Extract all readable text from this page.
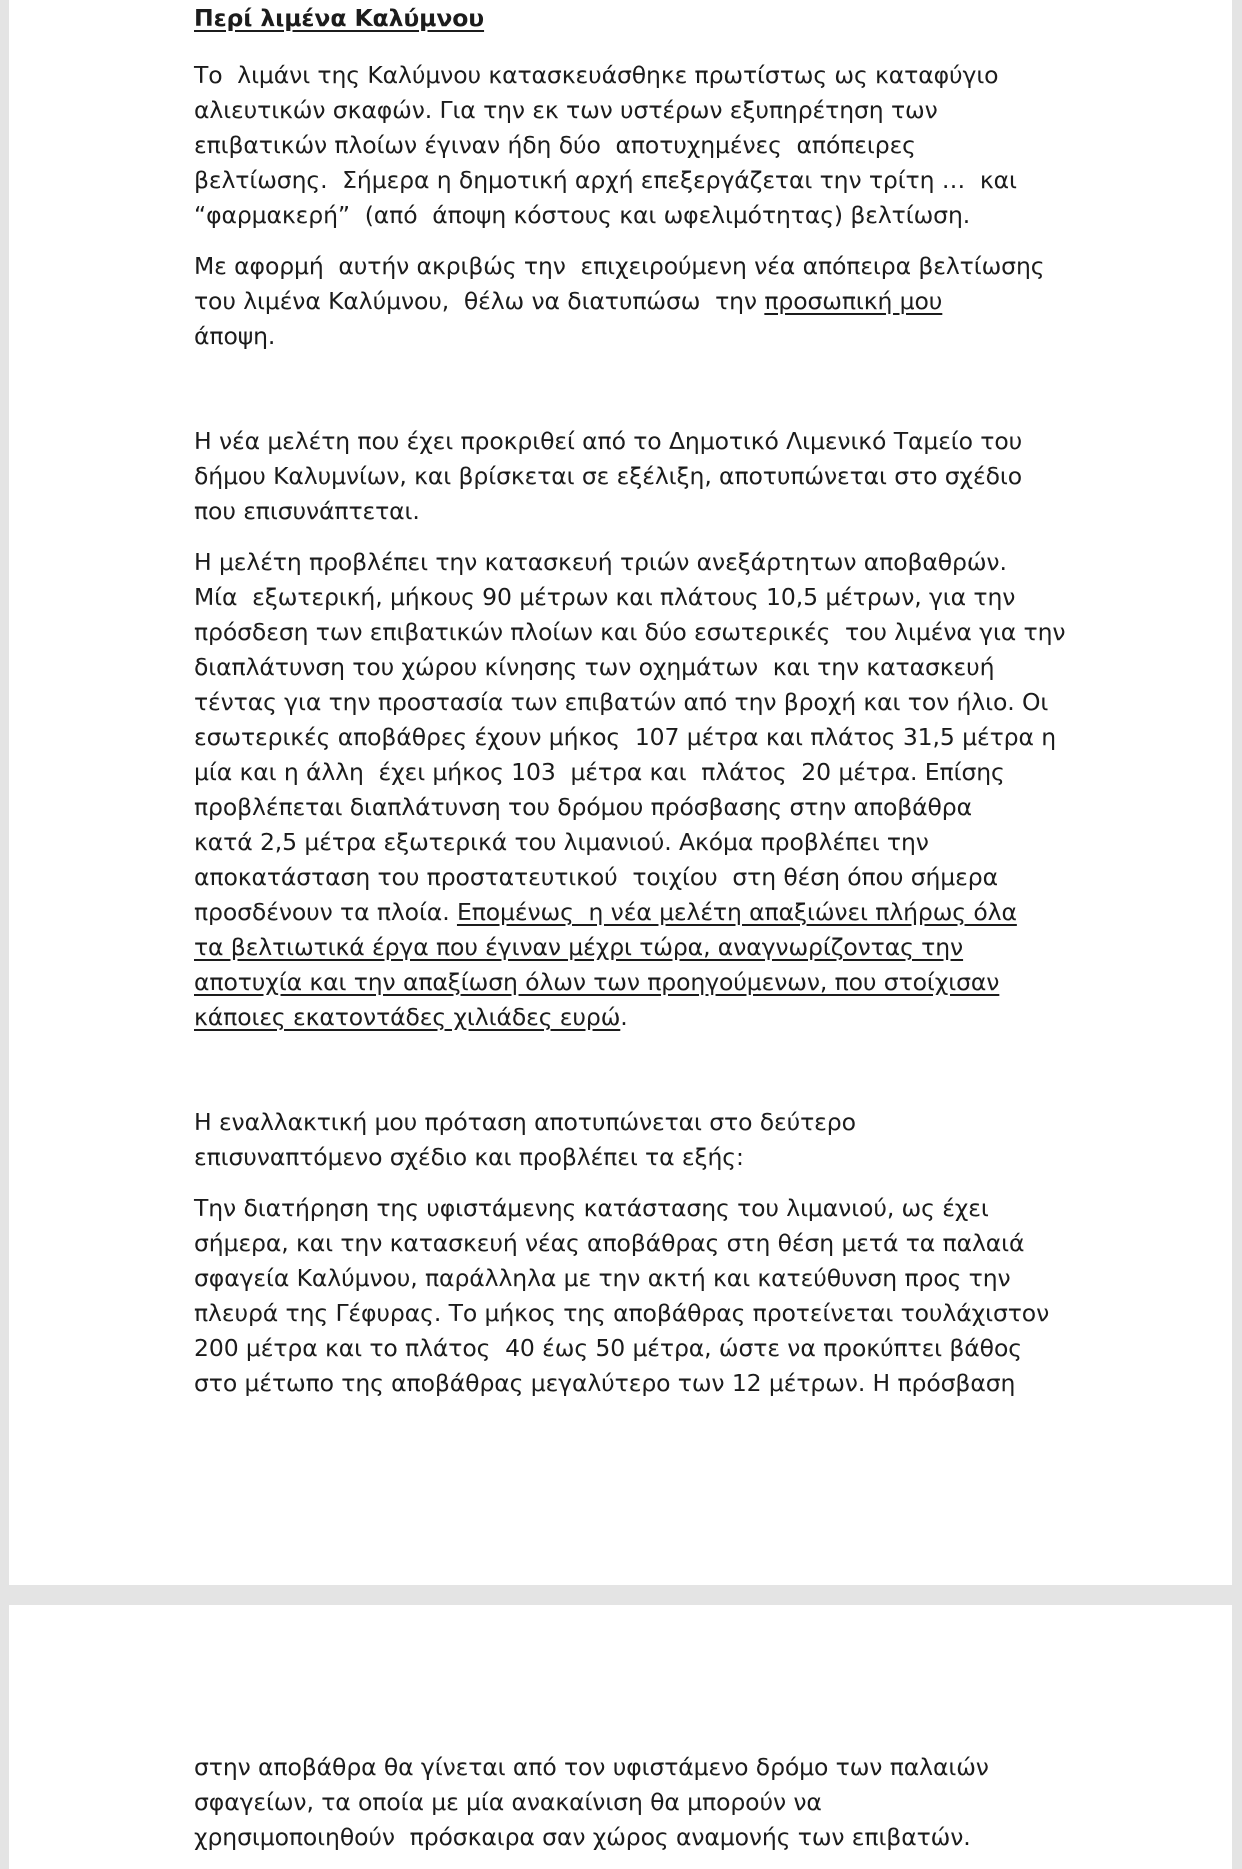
Περί λιμένα Καλύμνου

Το  λιμάνι της Καλύμνου κατασκευάσθηκε πρωτίστως ως καταφύγιο

αλιευτικών σκαφών. Για την εκ των υστέρων εξυπηρέτηση των

επιβατικών πλοίων έγιναν ήδη δύο  αποτυχημένες  απόπειρες

βελτίωσης.  Σήμερα η δημοτική αρχή επεξεργάζεται την τρίτη …  και

“φαρμακερή”  (από  άποψη κόστους και ωφελιμότητας) βελτίωση.

Με αφορμή  αυτήν ακριβώς την  επιχειρούμενη νέα απόπειρα βελτίωσης

του λιμένα Καλύμνου,  θέλω να διατυπώσω  την προσωπική μου

άποψη.

Η νέα μελέτη που έχει προκριθεί από το Δημοτικό Λιμενικό Ταμείο του

δήμου Καλυμνίων, και βρίσκεται σε εξέλιξη, αποτυπώνεται στο σχέδιο

που επισυνάπτεται.

Η μελέτη προβλέπει την κατασκευή τριών ανεξάρτητων αποβαθρών.

Μία  εξωτερική, μήκους 90 μέτρων και πλάτους 10,5 μέτρων, για την

πρόσδεση των επιβατικών πλοίων και δύο εσωτερικές  του λιμένα για την

διαπλάτυνση του χώρου κίνησης των οχημάτων  και την κατασκευή

τέντας για την προστασία των επιβατών από την βροχή και τον ήλιο. Οι

εσωτερικές αποβάθρες έχουν μήκος  107 μέτρα και πλάτος 31,5 μέτρα η

μία και η άλλη  έχει μήκος 103  μέτρα και  πλάτος  20 μέτρα. Επίσης

προβλέπεται διαπλάτυνση του δρόμου πρόσβασης στην αποβάθρα

κατά 2,5 μέτρα εξωτερικά του λιμανιού. Ακόμα προβλέπει την

αποκατάσταση του προστατευτικού  τοιχίου  στη θέση όπου σήμερα

προσδένουν τα πλοία. Επομένως  η νέα μελέτη απαξιώνει πλήρως όλα

τα βελτιωτικά έργα που έγιναν μέχρι τώρα, αναγνωρίζοντας την

αποτυχία και την απαξίωση όλων των προηγούμενων, που στοίχισαν

κάποιες εκατοντάδες χιλιάδες ευρώ.

Η εναλλακτική μου πρόταση αποτυπώνεται στο δεύτερο

επισυναπτόμενο σχέδιο και προβλέπει τα εξής:

Την διατήρηση της υφιστάμενης κατάστασης του λιμανιού, ως έχει

σήμερα, και την κατασκευή νέας αποβάθρας στη θέση μετά τα παλαιά

σφαγεία Καλύμνου, παράλληλα με την ακτή και κατεύθυνση προς την

πλευρά της Γέφυρας. Το μήκος της αποβάθρας προτείνεται τουλάχιστον

200 μέτρα και το πλάτος  40 έως 50 μέτρα, ώστε να προκύπτει βάθος

στο μέτωπο της αποβάθρας μεγαλύτερο των 12 μέτρων. Η πρόσβαση

στην αποβάθρα θα γίνεται από τον υφιστάμενο δρόμο των παλαιών

σφαγείων, τα οποία με μία ανακαίνιση θα μπορούν να

χρησιμοποιηθούν  πρόσκαιρα σαν χώρος αναμονής των επιβατών.
